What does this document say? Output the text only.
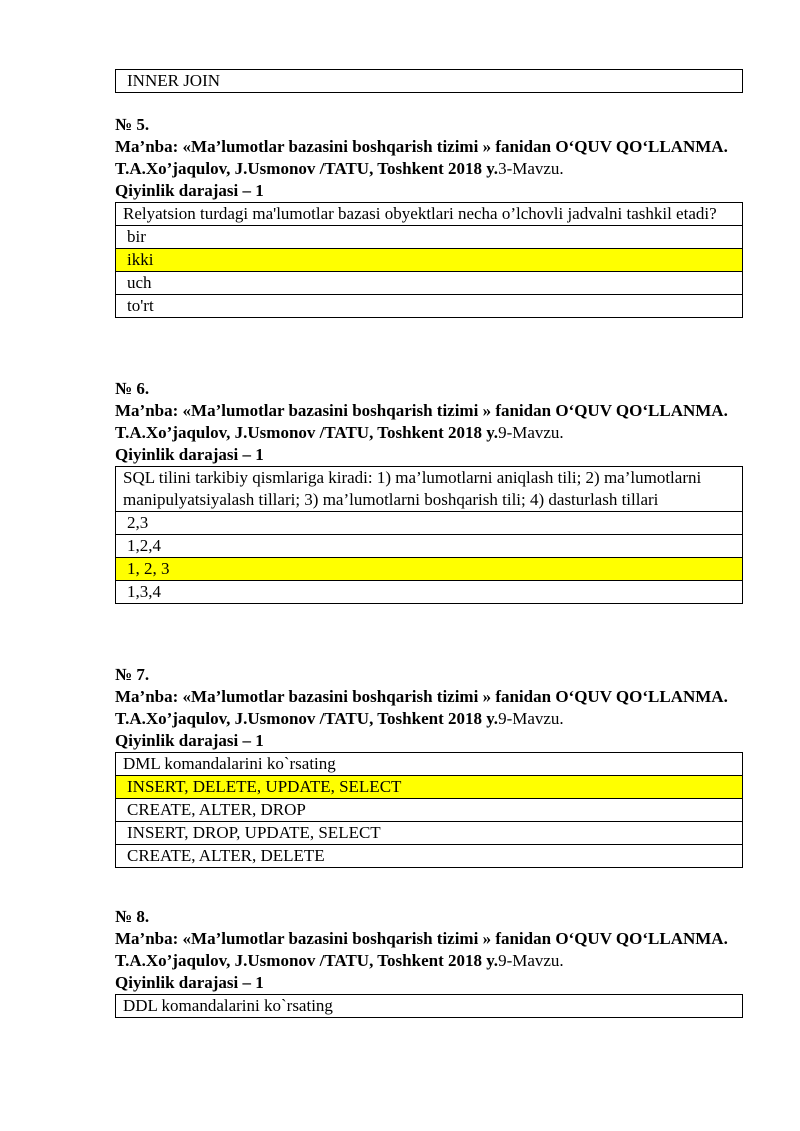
INNER JOIN
№ 5.
Ma’nba: «Ma’lumotlar bazasini boshqarish tizimi » fanidan O‘QUV QO‘LLANMA. T.A.Xo’jaqulov, J.Usmonov /TATU, Toshkent 2018 y.3-Mavzu.
Qiyinlik darajasi – 1
Relyatsion turdagi ma'lumotlar bazasi obyektlari necha o’lchovli jadvalni tashkil etadi?
bir
ikki
uch
to'rt
№ 6.
Ma’nba: «Ma’lumotlar bazasini boshqarish tizimi » fanidan O‘QUV QO‘LLANMA. T.A.Xo’jaqulov, J.Usmonov /TATU, Toshkent 2018 y.9-Mavzu.
Qiyinlik darajasi – 1
SQL tilini tarkibiy qismlariga kiradi: 1) ma’lumotlarni aniqlash tili; 2) ma’lumotlarni manipulyatsiyalash tillari; 3) ma’lumotlarni boshqarish tili; 4) dasturlash tillari
2,3
1,2,4
1, 2, 3
1,3,4
№ 7.
Ma’nba: «Ma’lumotlar bazasini boshqarish tizimi » fanidan O‘QUV QO‘LLANMA. T.A.Xo’jaqulov, J.Usmonov /TATU, Toshkent 2018 y.9-Mavzu.
Qiyinlik darajasi – 1
DML komandalarini ko`rsating
INSERT, DELETE, UPDATE, SELECT
CREATE, ALTER, DROP
INSERT, DROP, UPDATE, SELECT
CREATE, ALTER, DELETE
№ 8.
Ma’nba: «Ma’lumotlar bazasini boshqarish tizimi » fanidan O‘QUV QO‘LLANMA. T.A.Xo’jaqulov, J.Usmonov /TATU, Toshkent 2018 y.9-Mavzu.
Qiyinlik darajasi – 1
DDL komandalarini ko`rsating
